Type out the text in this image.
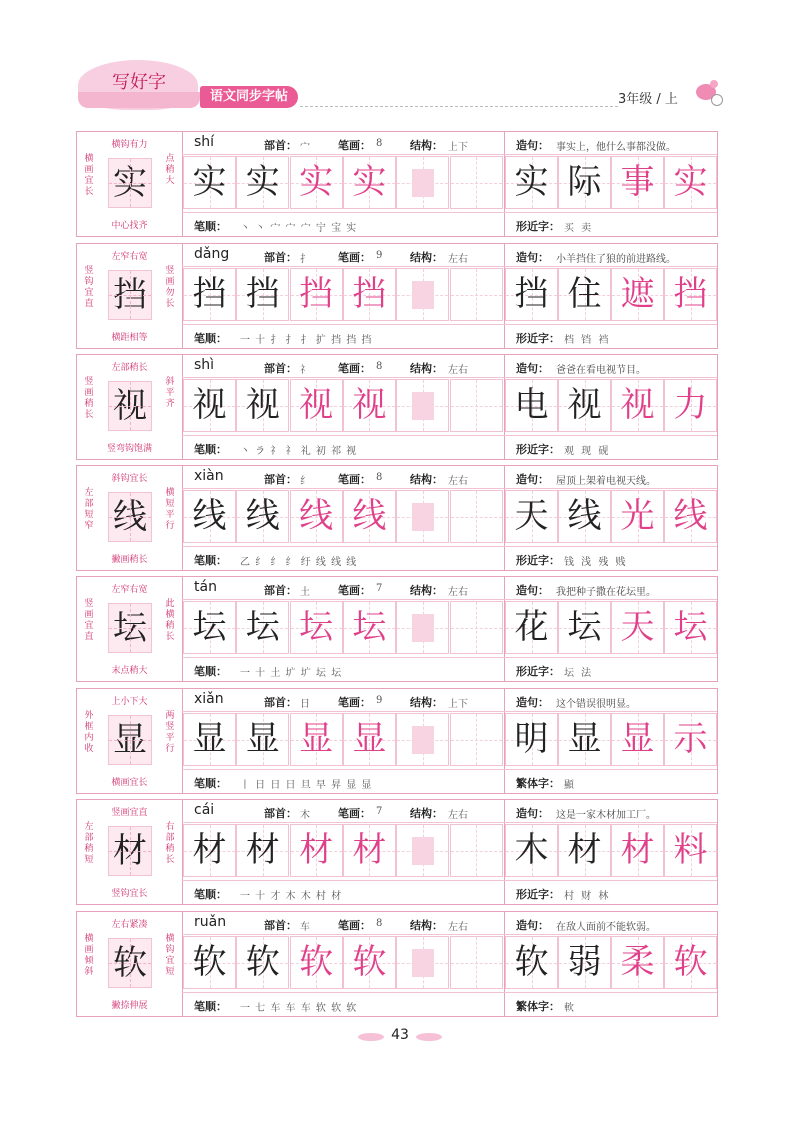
写好字
语文同步字帖	3年级 / 上
横钩有力
横画宜长 实
点稍大
中心找齐
shí	部首： 宀	笔画： 8	结构： 上下
实 实 实 实
笔顺： 丶 丶 宀 宀 宀 宁 宝 实
造句： 事实上，他什么事都没做。
实 际 事 实
形近字： 买 卖
左窄右宽
竖钩宜直 挡
竖画勿长
横距相等
dǎng	部首： 扌	笔画： 9	结构： 左右
挡 挡 挡 挡
笔顺： 一 十 扌 扌 扌 扩 挡 挡 挡
造句： 小羊挡住了狼的前进路线。
挡 住 遮 挡
形近字： 档 铛 裆
左部稍长
竖画稍长 视
斜平齐
竖弯钩饱满
shì	部首： 礻	笔画： 8	结构： 左右
视 视 视 视
笔顺： 丶 ラ 礻 礻 礼 初 祁 视
造句： 爸爸在看电视节目。
电 视 视 力
形近字： 观 现 砚
斜钩宜长
左部短窄 线
横短平行
撇画稍长
xiàn	部首： 纟	笔画： 8	结构： 左右
线 线 线 线
笔顺： 乙 纟 纟 纟 纡 线 线 线
造句： 屋顶上架着电视天线。
天 线 光 线
形近字： 钱 浅 残 贱
左窄右宽
竖画宜直 坛
此横稍长
末点稍大
tán	部首： 土	笔画： 7	结构： 左右
坛 坛 坛 坛
笔顺： 一 十 土 圹 圹 坛 坛
造句： 我把种子撒在花坛里。
花 坛 天 坛
形近字： 坛 法
上小下大
外框内收 显
两竖平行
横画宜长
xiǎn	部首： 日	笔画： 9	结构： 上下
显 显 显 显
笔顺： 丨 日 日 日 旦 早 昇 显 显
造句： 这个错误很明显。
明 显 显 示
繁体字： 顯
竖画宜直
左部稍短 材
右部稍长
竖钩宜长
cái	部首： 木	笔画： 7	结构： 左右
材 材 材 材
笔顺： 一 十 才 木 木 村 材
造句： 这是一家木材加工厂。
木 材 材 料
形近字： 村 财 林
左右紧凑
横画倾斜 软
横钩宜短
撇捺伸展
ruǎn	部首： 车	笔画： 8	结构： 左右
软 软 软 软
笔顺： 一 七 车 车 车 软 软 软
造句： 在敌人面前不能软弱。
软 弱 柔 软
繁体字： 軟
43
